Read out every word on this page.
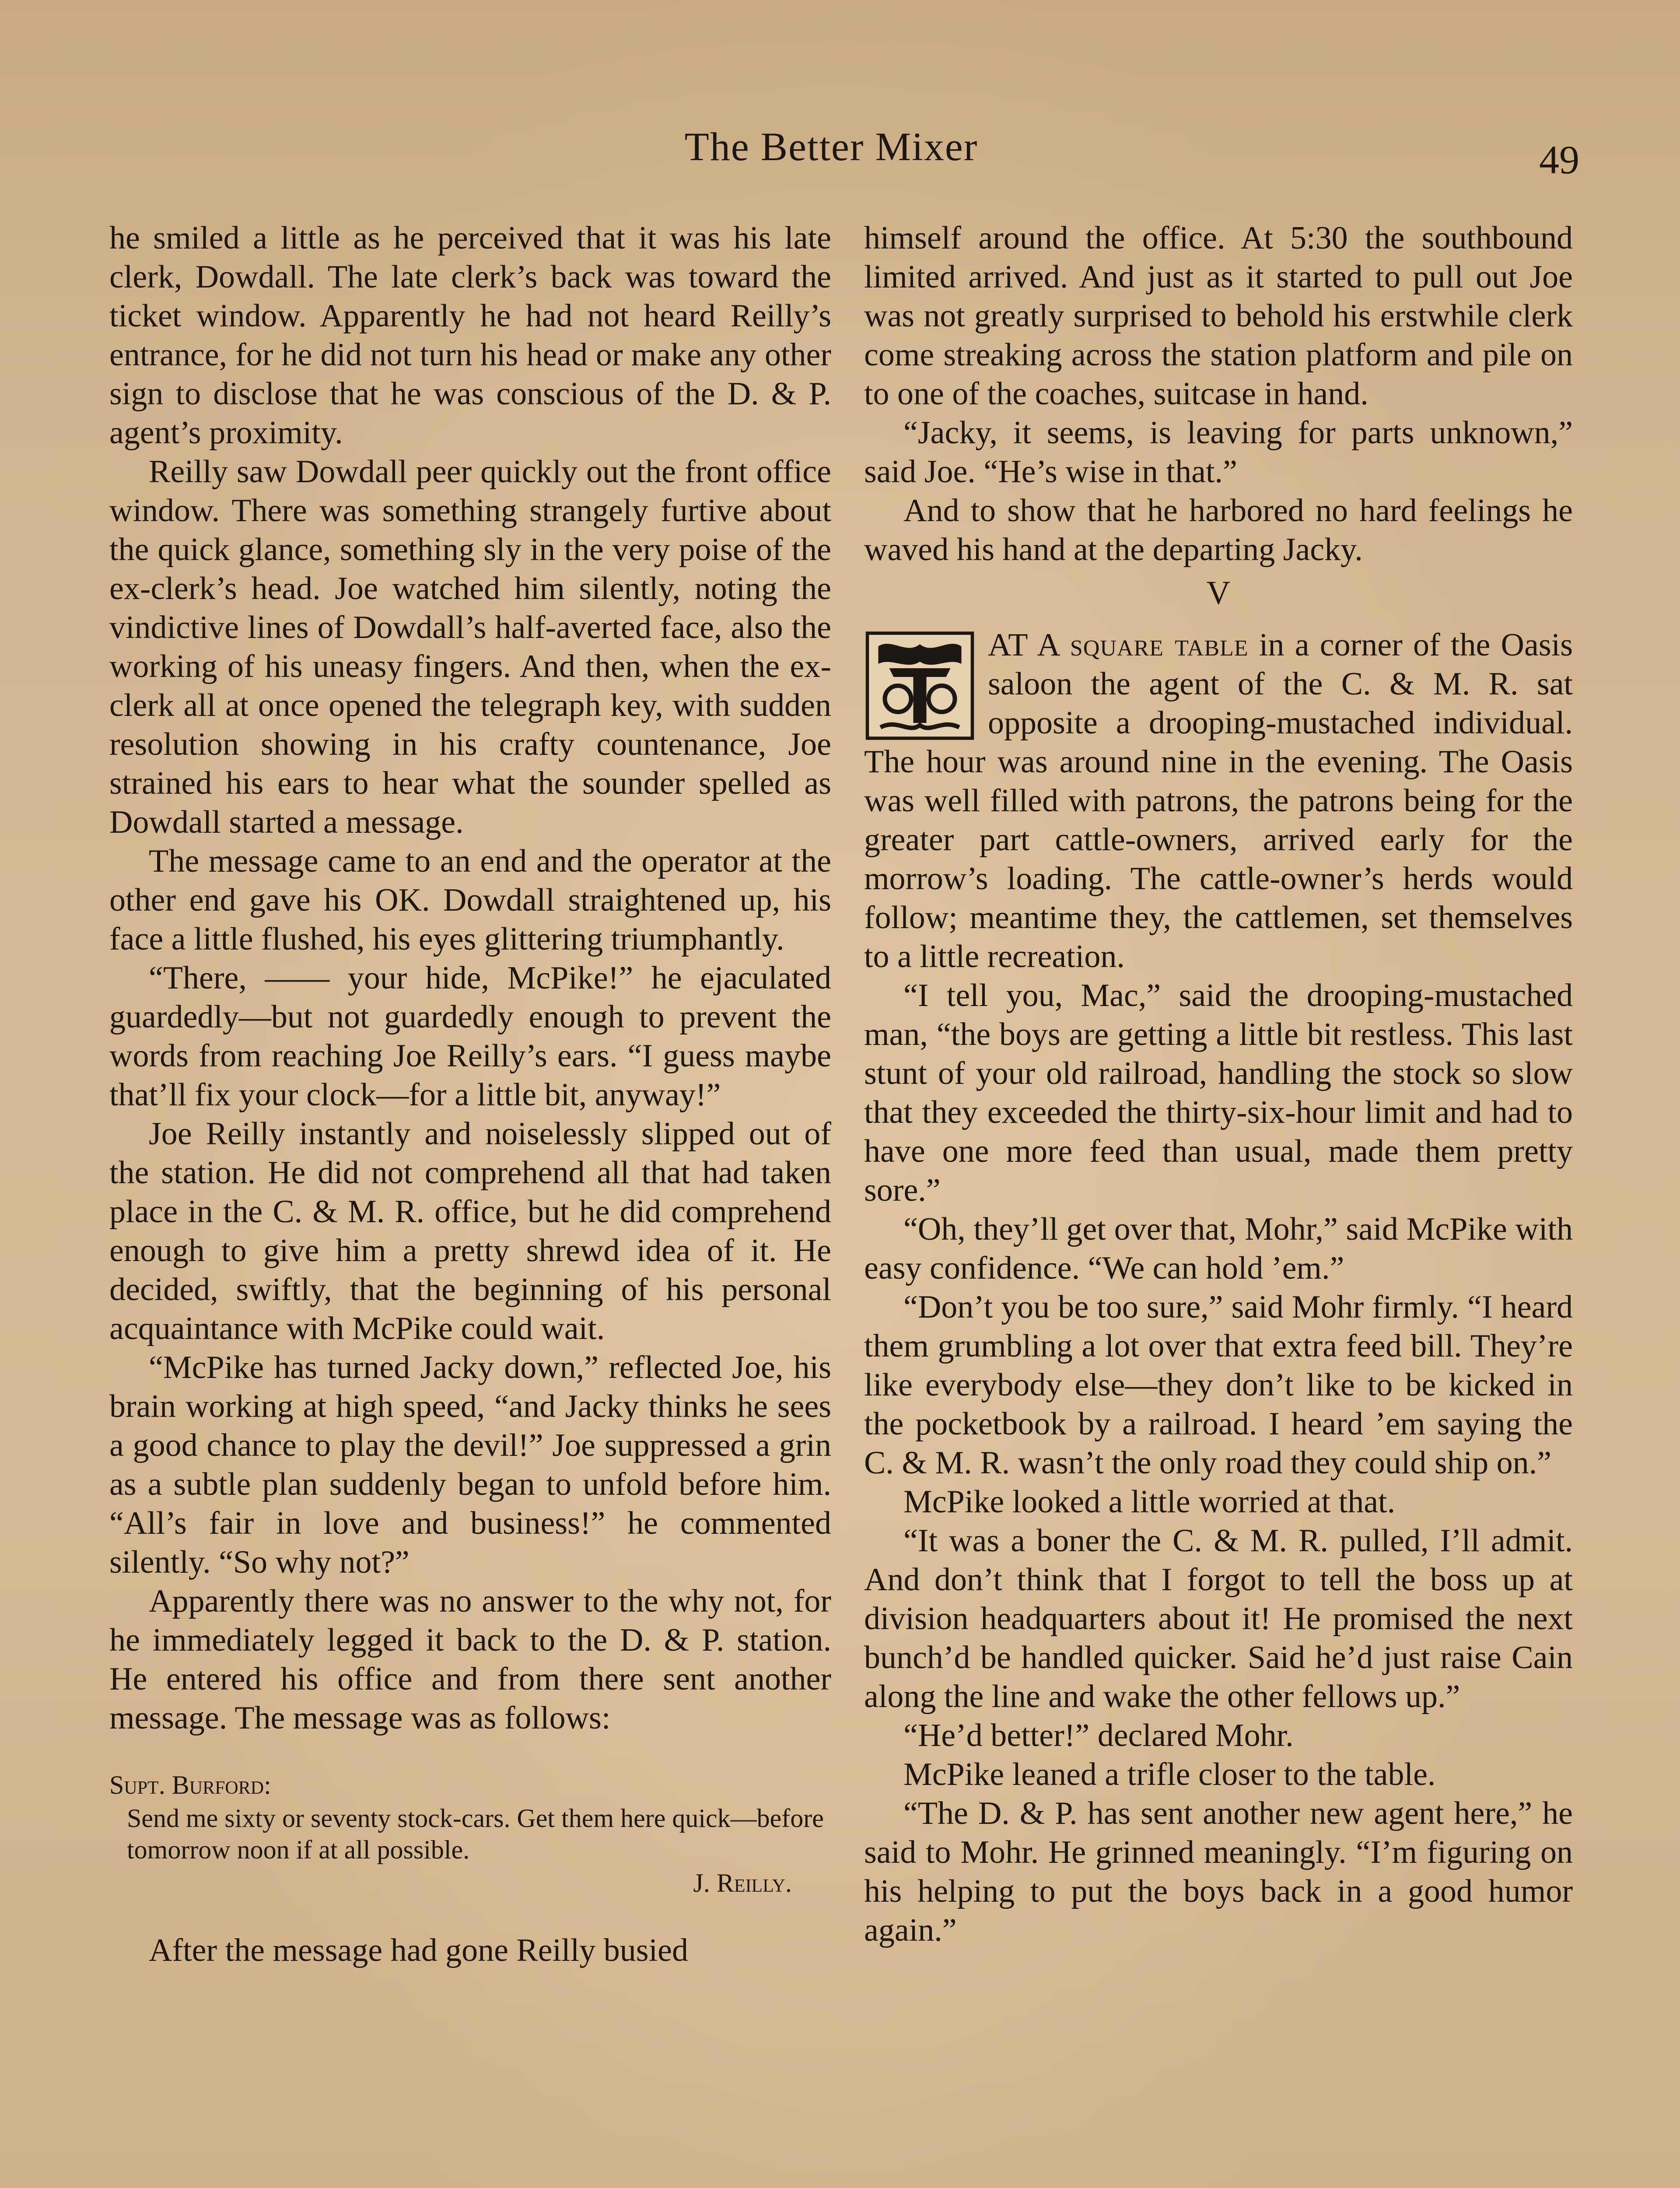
The Better Mixer	49

he smiled a little as he perceived that it was his late clerk, Dowdall. The late clerk’s back was toward the ticket window. Apparently he had not heard Reilly’s entrance, for he did not turn his head or make any other sign to disclose that he was conscious of the D. & P. agent’s proximity.

Reilly saw Dowdall peer quickly out the front office window. There was something strangely furtive about the quick glance, something sly in the very poise of the ex-clerk’s head. Joe watched him silently, noting the vindictive lines of Dowdall’s half-averted face, also the working of his uneasy fingers. And then, when the ex-clerk all at once opened the telegraph key, with sudden resolution showing in his crafty countenance, Joe strained his ears to hear what the sounder spelled as Dowdall started a message.

The message came to an end and the operator at the other end gave his OK. Dowdall straightened up, his face a little flushed, his eyes glittering triumphantly.

“There, —— your hide, McPike!” he ejaculated guardedly—but not guardedly enough to prevent the words from reaching Joe Reilly’s ears. “I guess maybe that’ll fix your clock—for a little bit, anyway!”

Joe Reilly instantly and noiselessly slipped out of the station. He did not comprehend all that had taken place in the C. & M. R. office, but he did comprehend enough to give him a pretty shrewd idea of it. He decided, swiftly, that the beginning of his personal acquaintance with McPike could wait.

“McPike has turned Jacky down,” reflected Joe, his brain working at high speed, “and Jacky thinks he sees a good chance to play the devil!” Joe suppressed a grin as a subtle plan suddenly began to unfold before him. “All’s fair in love and business!” he commented silently. “So why not?”

Apparently there was no answer to the why not, for he immediately legged it back to the D. & P. station. He entered his office and from there sent another message. The message was as follows:

Supt. Burford:
Send me sixty or seventy stock-cars. Get them here quick—before tomorrow noon if at all possible.
J. Reilly.

After the message had gone Reilly busied

himself around the office. At 5:30 the southbound limited arrived. And just as it started to pull out Joe was not greatly surprised to behold his erstwhile clerk come streaking across the station platform and pile on to one of the coaches, suitcase in hand.

“Jacky, it seems, is leaving for parts unknown,” said Joe. “He’s wise in that.”

And to show that he harbored no hard feelings he waved his hand at the departing Jacky.

V

AT A square table in a corner of the Oasis saloon the agent of the C. & M. R. sat opposite a drooping-mustached individual. The hour was around nine in the evening. The Oasis was well filled with patrons, the patrons being for the greater part cattle-owners, arrived early for the morrow’s loading. The cattle-owner’s herds would follow; meantime they, the cattlemen, set themselves to a little recreation.

“I tell you, Mac,” said the drooping-mustached man, “the boys are getting a little bit restless. This last stunt of your old railroad, handling the stock so slow that they exceeded the thirty-six-hour limit and had to have one more feed than usual, made them pretty sore.”

“Oh, they’ll get over that, Mohr,” said McPike with easy confidence. “We can hold ’em.”

“Don’t you be too sure,” said Mohr firmly. “I heard them grumbling a lot over that extra feed bill. They’re like everybody else—they don’t like to be kicked in the pocketbook by a railroad. I heard ’em saying the C. & M. R. wasn’t the only road they could ship on.”

McPike looked a little worried at that.

“It was a boner the C. & M. R. pulled, I’ll admit. And don’t think that I forgot to tell the boss up at division headquarters about it! He promised the next bunch’d be handled quicker. Said he’d just raise Cain along the line and wake the other fellows up.”

“He’d better!” declared Mohr.

McPike leaned a trifle closer to the table.

“The D. & P. has sent another new agent here,” he said to Mohr. He grinned meaningly. “I’m figuring on his helping to put the boys back in a good humor again.”
